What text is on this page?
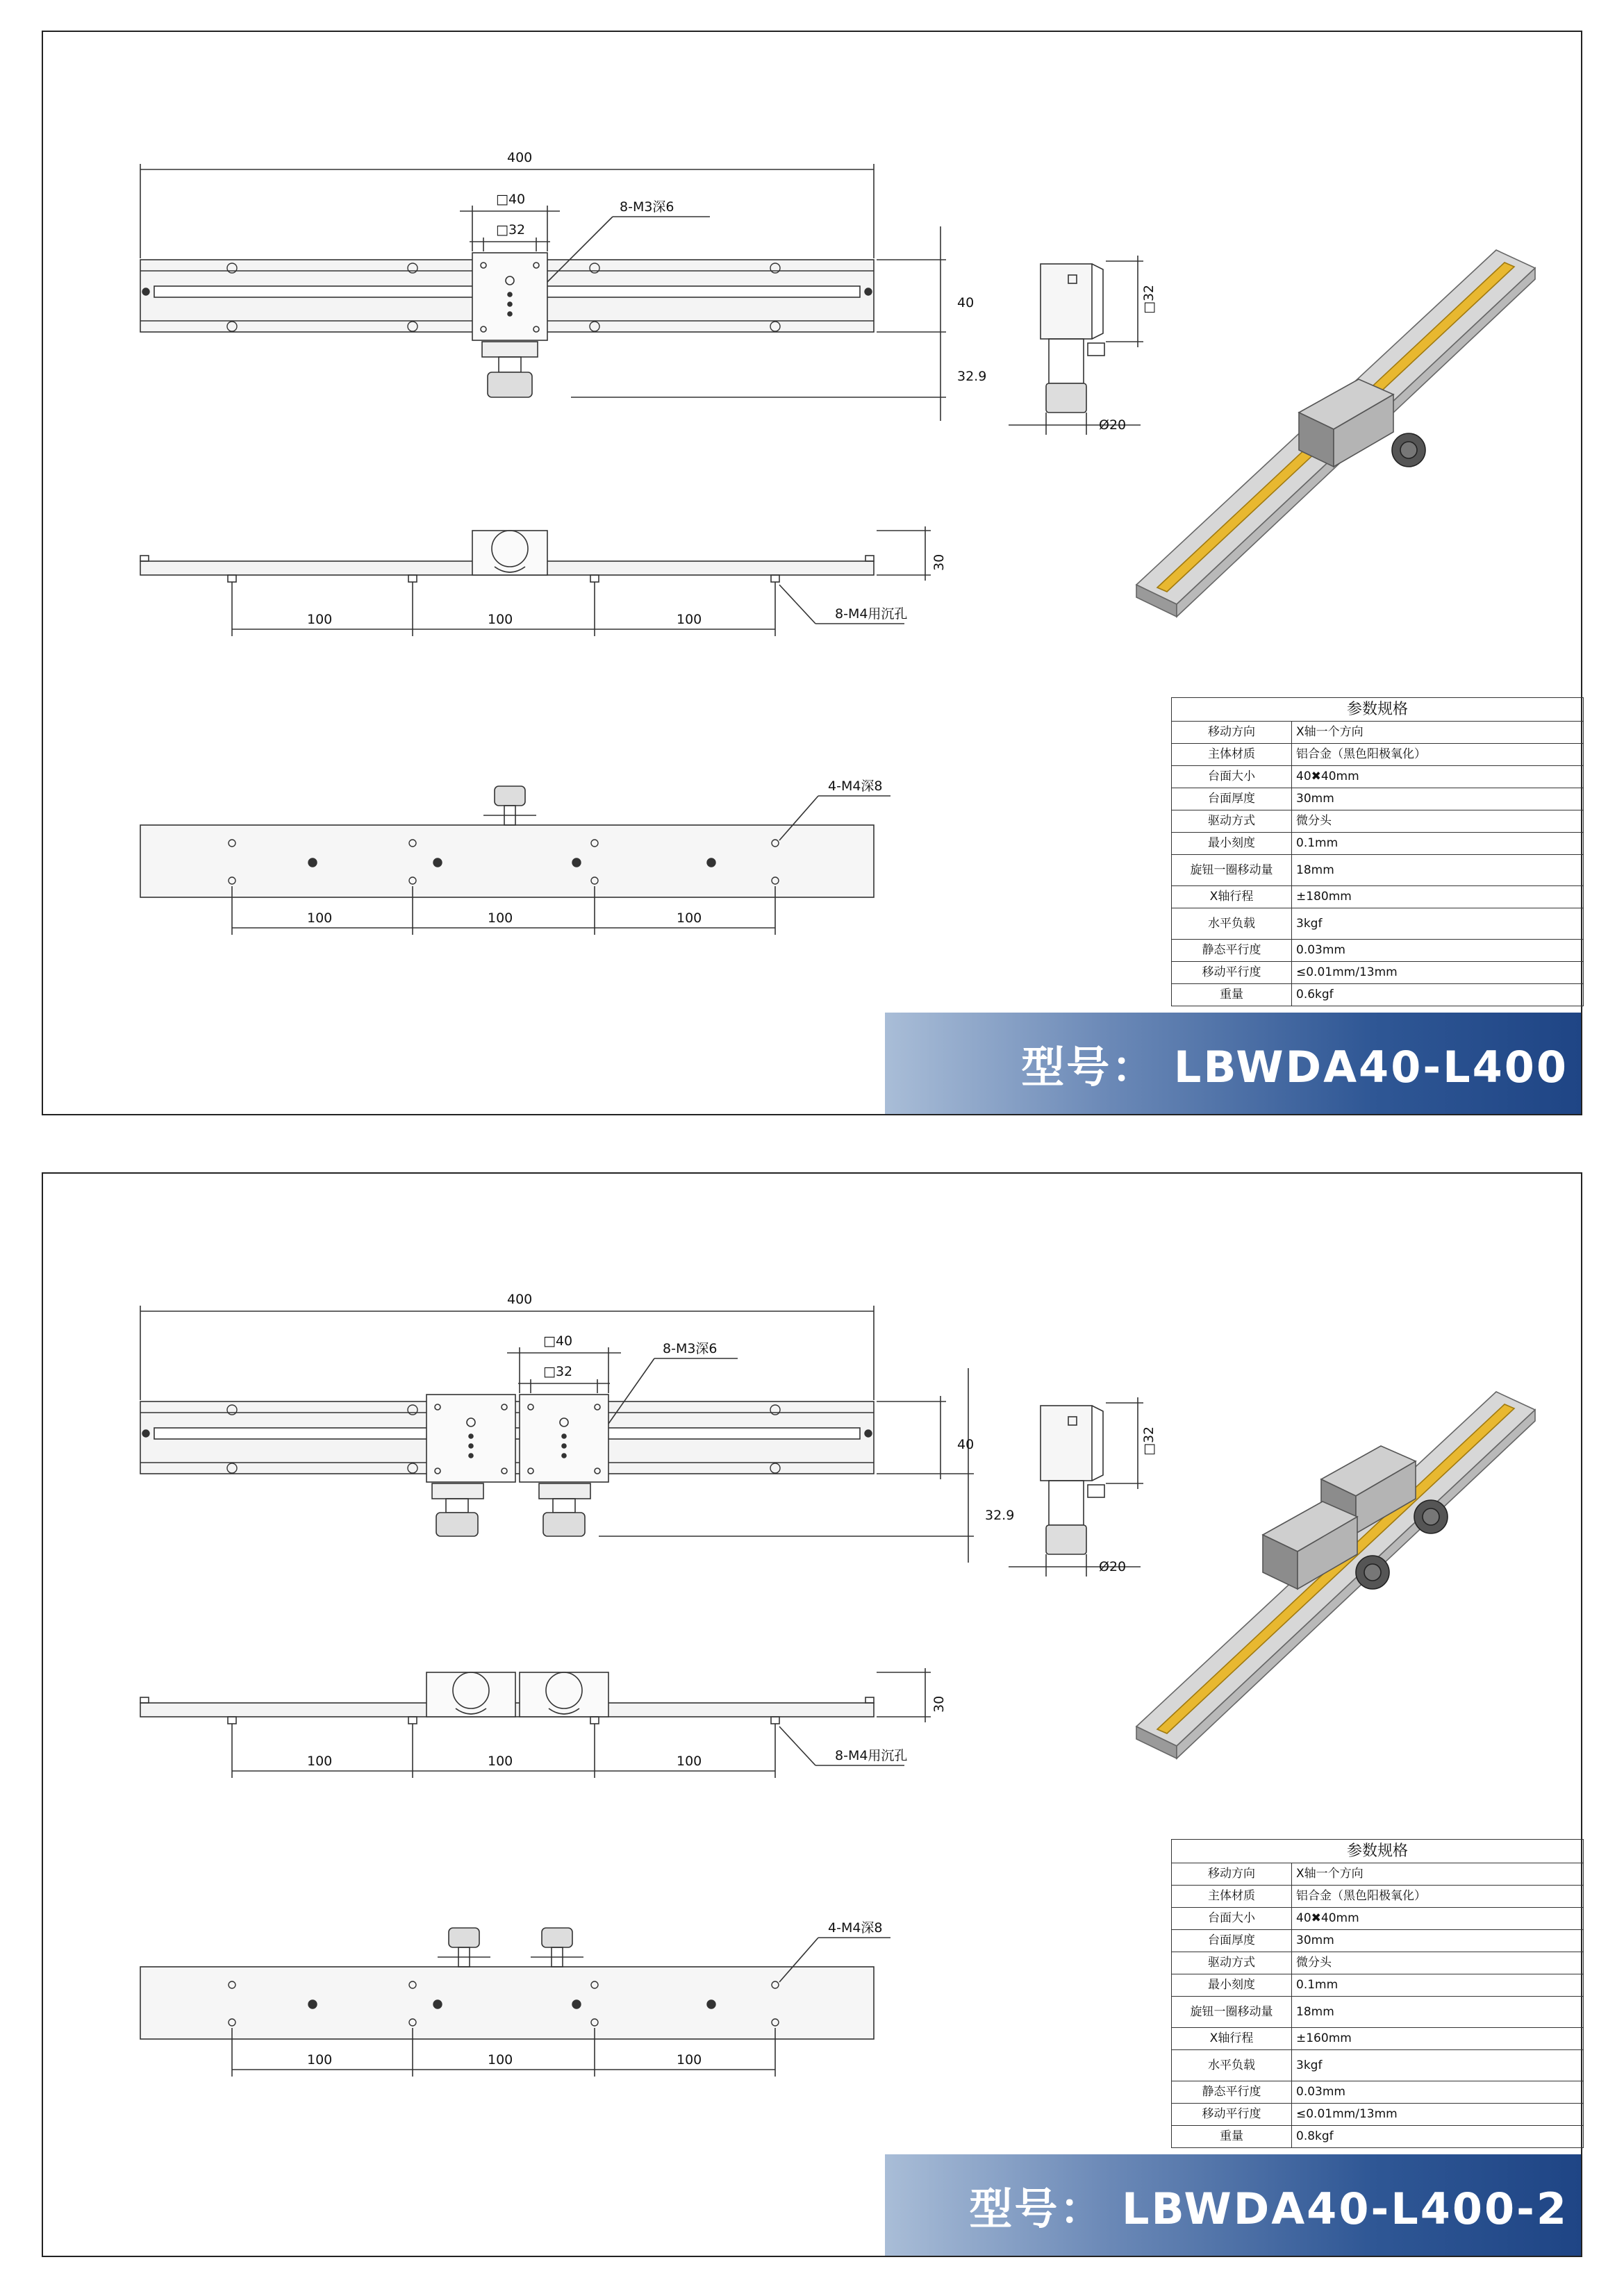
400
□40
□32
8-M3深6
40
32.9
□32
Ø20
100	100	100	8-M4用沉孔
30
100	100	100
4-M4深8
参数规格	
移动方向	X轴一个方向
主体材质	铝合金（黑色阳极氧化）
台面大小	40✖40mm
台面厚度	30mm
驱动方式	微分头
最小刻度	0.1mm
旋钮一圈移动量	18mm
X轴行程	±180mm
水平负载	3kgf
静态平行度	0.03mm
移动平行度	≤0.01mm/13mm
重量	0.6kgf
型号： LBWDA40-L400
400
□40
□32
8-M3深6
40
32.9
□32
Ø20
100	100	100	8-M4用沉孔
30
100	100	100
4-M4深8
参数规格	
移动方向	X轴一个方向
主体材质	铝合金（黑色阳极氧化）
台面大小	40✖40mm
台面厚度	30mm
驱动方式	微分头
最小刻度	0.1mm
旋钮一圈移动量	18mm
X轴行程	±160mm
水平负载	3kgf
静态平行度	0.03mm
移动平行度	≤0.01mm/13mm
重量	0.8kgf
型号： LBWDA40-L400-2
